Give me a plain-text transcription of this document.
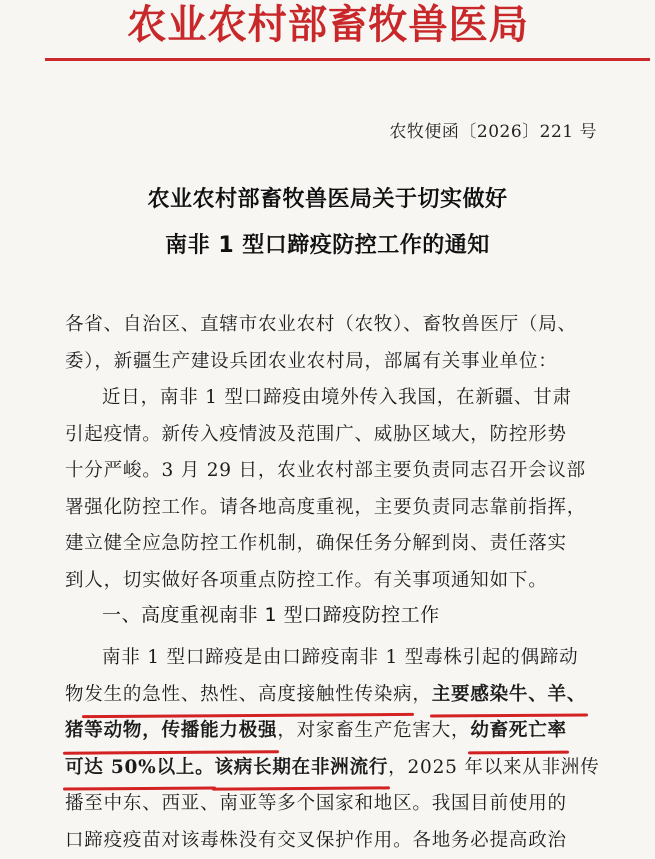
农业农村部畜牧兽医局
农牧便函〔2026〕221 号
农业农村部畜牧兽医局关于切实做好
南非 1 型口蹄疫防控工作的通知
各省、自治区、直辖市农业农村（农牧）、畜牧兽医厅（局、
委），新疆生产建设兵团农业农村局，部属有关事业单位：
近日，南非 1 型口蹄疫由境外传入我国，在新疆、甘肃
引起疫情。新传入疫情波及范围广、威胁区域大，防控形势
十分严峻。3 月 29 日，农业农村部主要负责同志召开会议部
署强化防控工作。请各地高度重视，主要负责同志靠前指挥，
建立健全应急防控工作机制，确保任务分解到岗、责任落实
到人，切实做好各项重点防控工作。有关事项通知如下。
一、高度重视南非 1 型口蹄疫防控工作
南非 1 型口蹄疫是由口蹄疫南非 1 型毒株引起的偶蹄动
物发生的急性、热性、高度接触性传染病，主要感染牛、羊、
猪等动物，传播能力极强，对家畜生产危害大，幼畜死亡率
可达 50%以上。该病长期在非洲流行，2025 年以来从非洲传
播至中东、西亚、南亚等多个国家和地区。我国目前使用的
口蹄疫疫苗对该毒株没有交叉保护作用。各地务必提高政治
